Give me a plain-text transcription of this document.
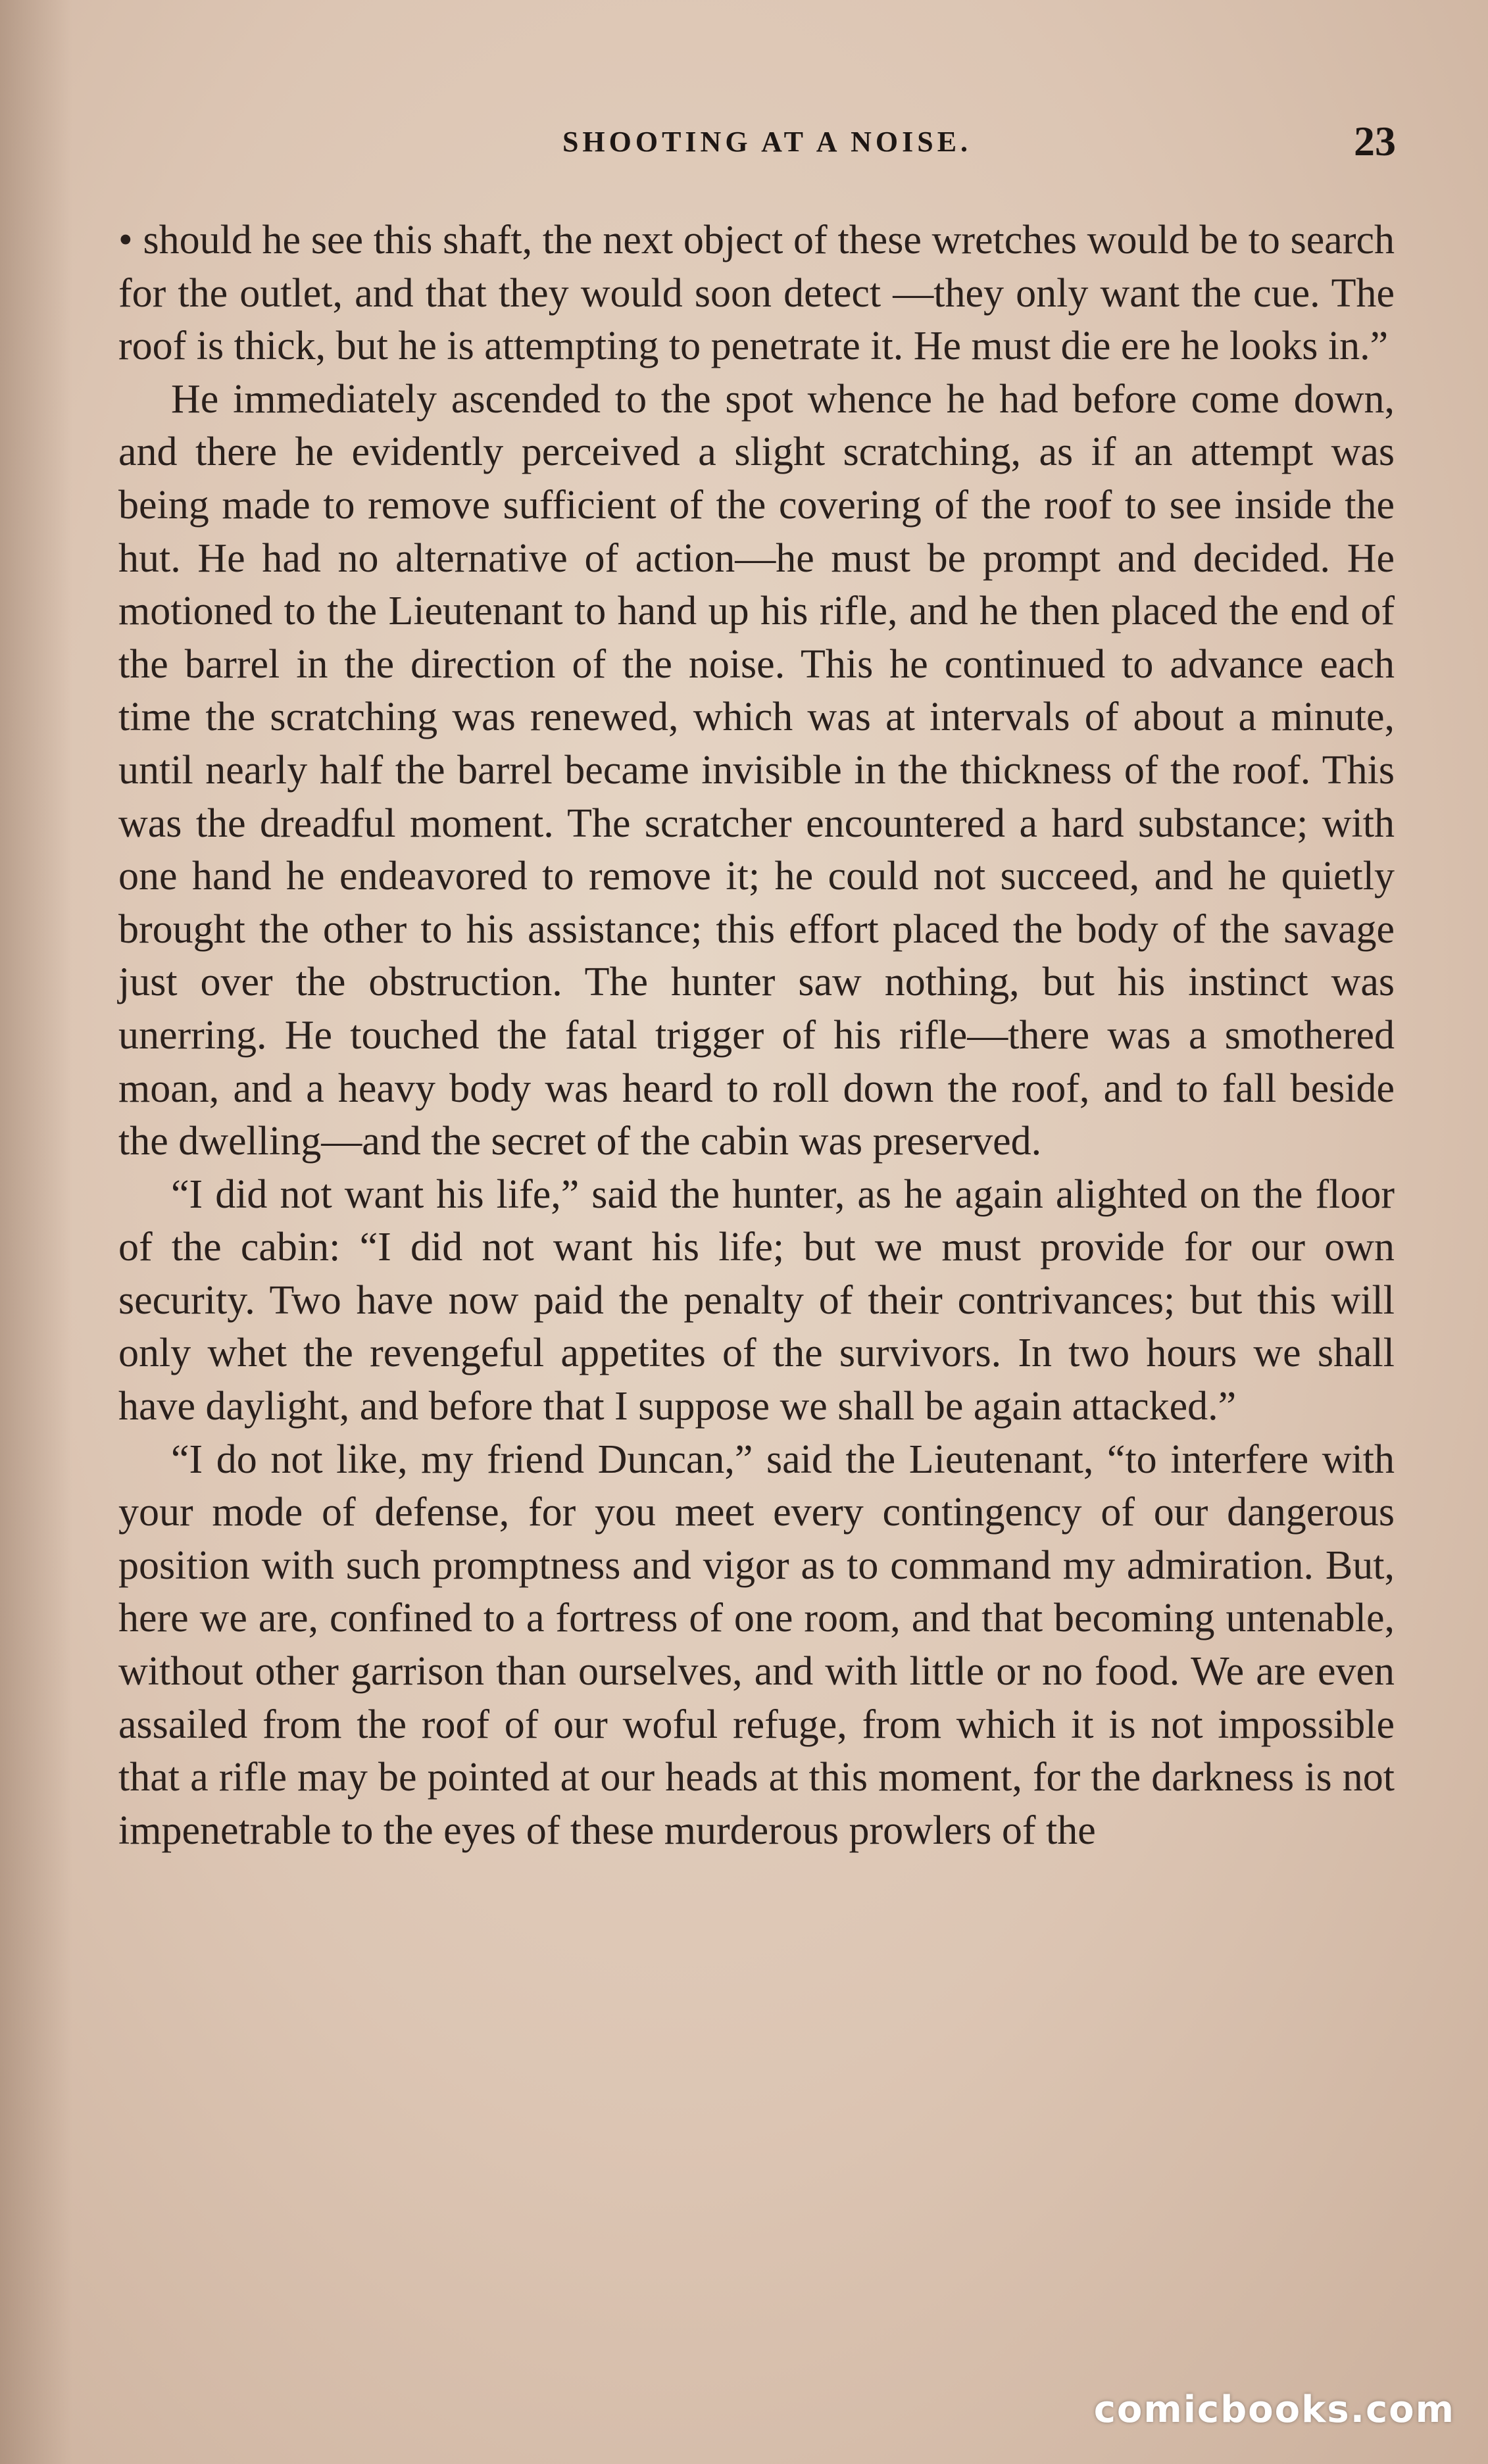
SHOOTING AT A NOISE.	23

• should he see this shaft, the next object of these wretches would be to search for the outlet, and that they would soon detect —they only want the cue. The roof is thick, but he is attempting to penetrate it. He must die ere he looks in.”

He immediately ascended to the spot whence he had before come down, and there he evidently perceived a slight scratching, as if an attempt was being made to remove sufficient of the covering of the roof to see inside the hut. He had no alternative of action—he must be prompt and decided. He motioned to the Lieutenant to hand up his rifle, and he then placed the end of the barrel in the direction of the noise. This he continued to advance each time the scratching was renewed, which was at intervals of about a minute, until nearly half the barrel became invisible in the thickness of the roof. This was the dreadful moment. The scratcher encountered a hard substance; with one hand he endeavored to remove it; he could not succeed, and he quietly brought the other to his assistance; this effort placed the body of the savage just over the obstruction. The hunter saw nothing, but his instinct was unerring. He touched the fatal trigger of his rifle—there was a smothered moan, and a heavy body was heard to roll down the roof, and to fall beside the dwelling—and the secret of the cabin was preserved.

“I did not want his life,” said the hunter, as he again alighted on the floor of the cabin: “I did not want his life; but we must provide for our own security. Two have now paid the penalty of their contrivances; but this will only whet the revengeful appetites of the survivors. In two hours we shall have daylight, and before that I suppose we shall be again attacked.”

“I do not like, my friend Duncan,” said the Lieutenant, “to interfere with your mode of defense, for you meet every contingency of our dangerous position with such promptness and vigor as to command my admiration. But, here we are, confined to a fortress of one room, and that becoming untenable, without other garrison than ourselves, and with little or no food. We are even assailed from the roof of our woful refuge, from which it is not impossible that a rifle may be pointed at our heads at this moment, for the darkness is not impenetrable to the eyes of these murderous prowlers of the

comicbooks.com
